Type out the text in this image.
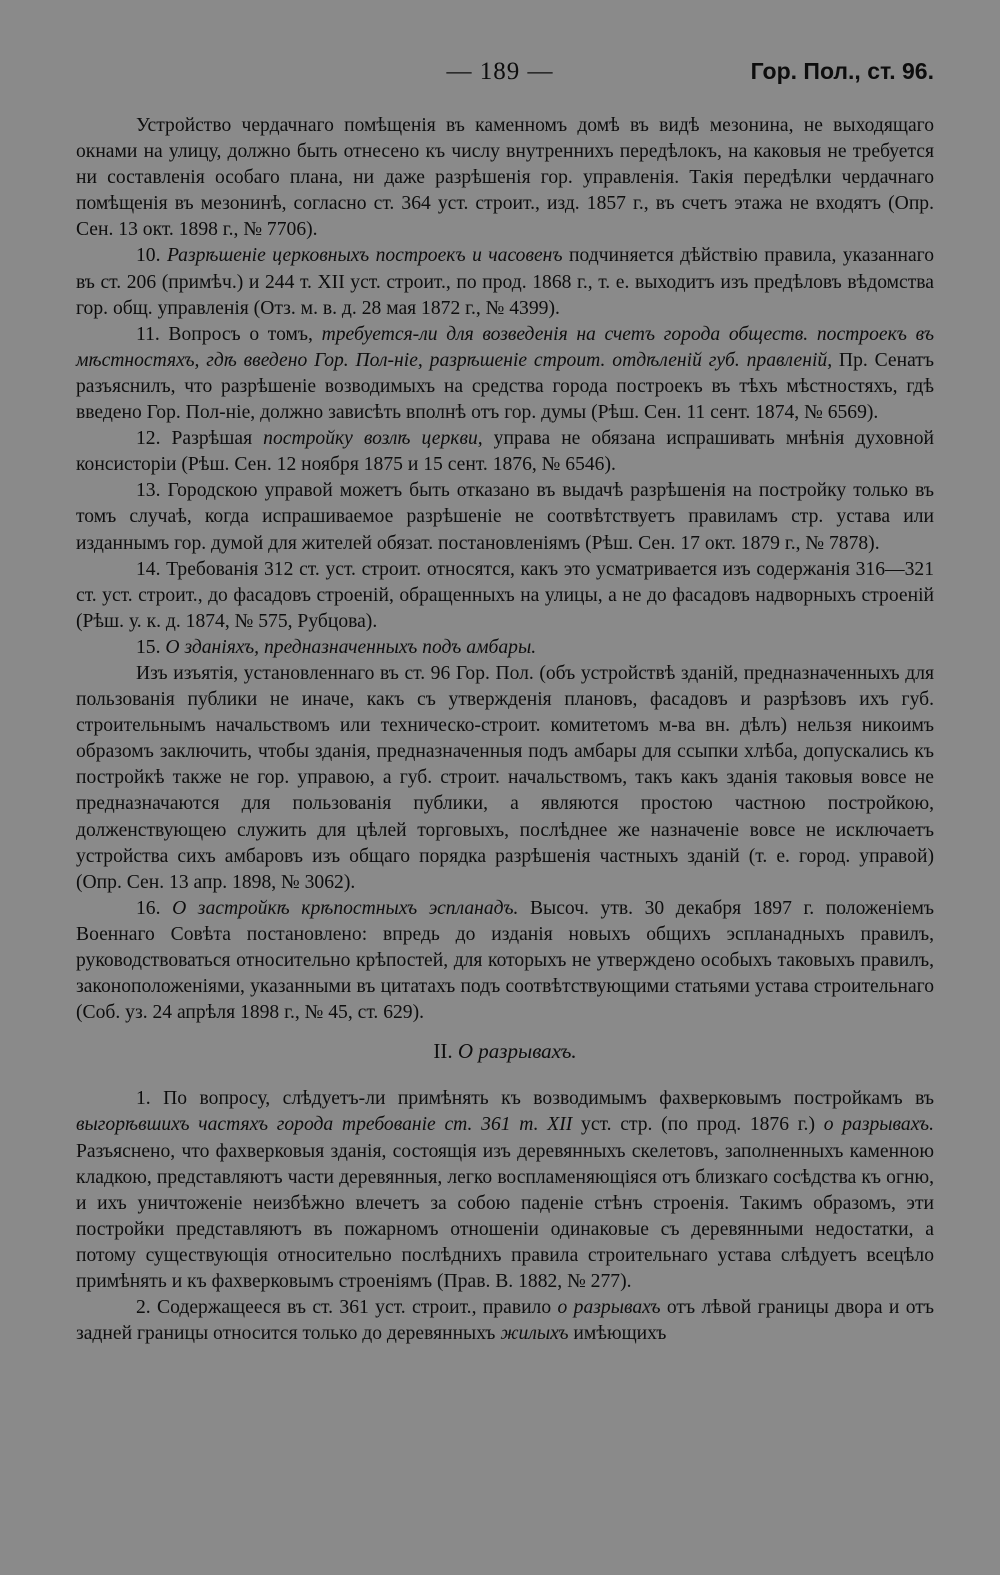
— 189 —	Гор. Пол., ст. 96.

Устройство чердачнаго помѣщенія въ каменномъ домѣ въ видѣ мезонина, не выходящаго окнами на улицу, должно быть отнесено къ числу внутреннихъ передѣлокъ, на каковыя не требуется ни составленія особаго плана, ни даже разрѣшенія гор. управленія. Такія передѣлки чердачнаго помѣщенія въ мезонинѣ, согласно ст. 364 уст. строит., изд. 1857 г., въ счетъ этажа не входятъ (Опр. Сен. 13 окт. 1898 г., № 7706).

10. Разрѣшеніе церковныхъ построекъ и часовенъ подчиняется дѣйствію правила, указаннаго въ ст. 206 (примѣч.) и 244 т. XII уст. строит., по прод. 1868 г., т. е. выходитъ изъ предѣловъ вѣдомства гор. общ. управленія (Отз. м. в. д. 28 мая 1872 г., № 4399).

11. Вопросъ о томъ, требуется-ли для возведенія на счетъ города обществ. построекъ въ мѣстностяхъ, гдѣ введено Гор. Пол-ніе, разрѣшеніе строит. отдѣленій губ. правленій, Пр. Сенатъ разъяснилъ, что разрѣшеніе возводимыхъ на средства города построекъ въ тѣхъ мѣстностяхъ, гдѣ введено Гор. Пол-ніе, должно зависѣть вполнѣ отъ гор. думы (Рѣш. Сен. 11 сент. 1874, № 6569).

12. Разрѣшая постройку возлѣ церкви, управа не обязана испрашивать мнѣнія духовной консисторіи (Рѣш. Сен. 12 ноября 1875 и 15 сент. 1876, № 6546).

13. Городскою управой можетъ быть отказано въ выдачѣ разрѣшенія на постройку только въ томъ случаѣ, когда испрашиваемое разрѣшеніе не соотвѣтствуетъ правиламъ стр. устава или изданнымъ гор. думой для жителей обязат. постановленіямъ (Рѣш. Сен. 17 окт. 1879 г., № 7878).

14. Требованія 312 ст. уст. строит. относятся, какъ это усматривается изъ содержанія 316—321 ст. уст. строит., до фасадовъ строеній, обращенныхъ на улицы, а не до фасадовъ надворныхъ строеній (Рѣш. у. к. д. 1874, № 575, Рубцова).

15. О зданіяхъ, предназначенныхъ подъ амбары.

Изъ изъятія, установленнаго въ ст. 96 Гор. Пол. (объ устройствѣ зданій, предназначенныхъ для пользованія публики не иначе, какъ съ утвержденія плановъ, фасадовъ и разрѣзовъ ихъ губ. строительнымъ начальствомъ или техническо-строит. комитетомъ м-ва вн. дѣлъ) нельзя никоимъ образомъ заключить, чтобы зданія, предназначенныя подъ амбары для ссыпки хлѣба, допускались къ постройкѣ также не гор. управою, а губ. строит. начальствомъ, такъ какъ зданія таковыя вовсе не предназначаются для пользованія публики, а являются простою частною постройкою, долженствующею служить для цѣлей торговыхъ, послѣднее же назначеніе вовсе не исключаетъ устройства сихъ амбаровъ изъ общаго порядка разрѣшенія частныхъ зданій (т. е. город. управой) (Опр. Сен. 13 апр. 1898, № 3062).

16. О застройкѣ крѣпостныхъ эспланадъ. Высоч. утв. 30 декабря 1897 г. положеніемъ Военнаго Совѣта постановлено: впредь до изданія новыхъ общихъ эспланадныхъ правилъ, руководствоваться относительно крѣпостей, для которыхъ не утверждено особыхъ таковыхъ правилъ, законоположеніями, указанными въ цитатахъ подъ соотвѣтствующими статьями устава строительнаго (Соб. уз. 24 апрѣля 1898 г., № 45, ст. 629).

II. О разрывахъ.

1. По вопросу, слѣдуетъ-ли примѣнять къ возводимымъ фахверковымъ постройкамъ въ выгорѣвшихъ частяхъ города требованіе ст. 361 т. XII уст. стр. (по прод. 1876 г.) о разрывахъ. Разъяснено, что фахверковыя зданія, состоящія изъ деревянныхъ скелетовъ, заполненныхъ каменною кладкою, представляютъ части деревянныя, легко воспламеняющіяся отъ близкаго сосѣдства къ огню, и ихъ уничтоженіе неизбѣжно влечетъ за собою паденіе стѣнъ строенія. Такимъ образомъ, эти постройки представляютъ въ пожарномъ отношеніи одинаковые съ деревянными недостатки, а потому существующія относительно послѣднихъ правила строительнаго устава слѣдуетъ всецѣло примѣнять и къ фахверковымъ строеніямъ (Прав. В. 1882, № 277).

2. Содержащееся въ ст. 361 уст. строит., правило о разрывахъ отъ лѣвой границы двора и отъ задней границы относится только до деревянныхъ жилыхъ имѣющихъ
